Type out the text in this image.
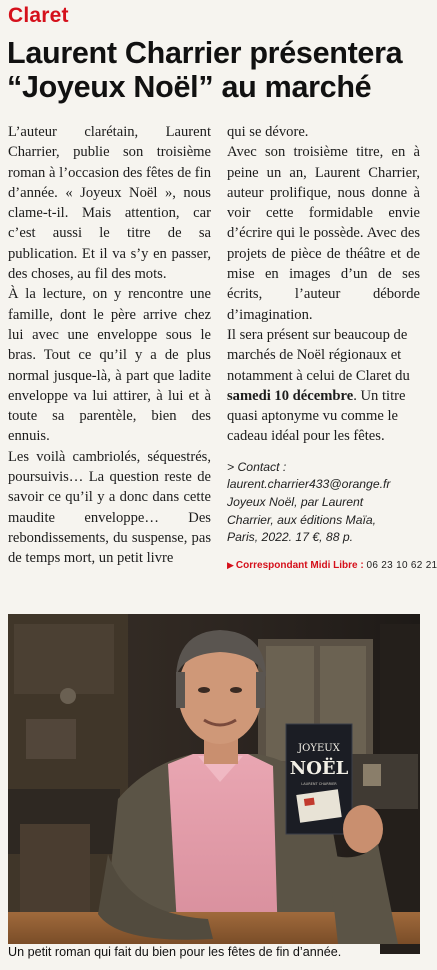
Claret
Laurent Charrier présentera
“Joyeux Noël” au marché

L’auteur clarétain, Laurent Charrier, publie son troisième roman à l’occasion des fêtes de fin d’année. « Joyeux Noël », nous clame-t-il. Mais attention, car c’est aussi le titre de sa publication. Et il va s’y en passer, des choses, au fil des mots.

À la lecture, on y rencontre une famille, dont le père arrive chez lui avec une enveloppe sous le bras. Tout ce qu’il y a de plus normal jusque-là, à part que ladite enveloppe va lui attirer, à lui et à toute sa parentèle, bien des ennuis.

Les voilà cambriolés, séquestrés, poursuivis… La question reste de savoir ce qu’il y a donc dans cette maudite enveloppe… Des rebondissements, du suspense, pas de temps mort, un petit livre

qui se dévore.

Avec son troisième titre, en à peine un an, Laurent Charrier, auteur prolifique, nous donne à voir cette formidable envie d’écrire qui le possède. Avec des projets de pièce de théâtre et de mise en images d’un de ses écrits, l’auteur déborde d’imagination.

Il sera présent sur beaucoup de marchés de Noël régionaux et notamment à celui de Claret du samedi 10 décembre. Un titre quasi aptonyme vu comme le cadeau idéal pour les fêtes.

> Contact :
laurent.charrier433@orange.fr
Joyeux Noël, par Laurent
Charrier, aux éditions Maïa,
Paris, 2022. 17 €, 88 p.
▶ Correspondant Midi Libre : 06 23 10 62 21
JOYEUX
NOËL
LAURENT CHARRIER
Un petit roman qui fait du bien pour les fêtes de fin d’année.
